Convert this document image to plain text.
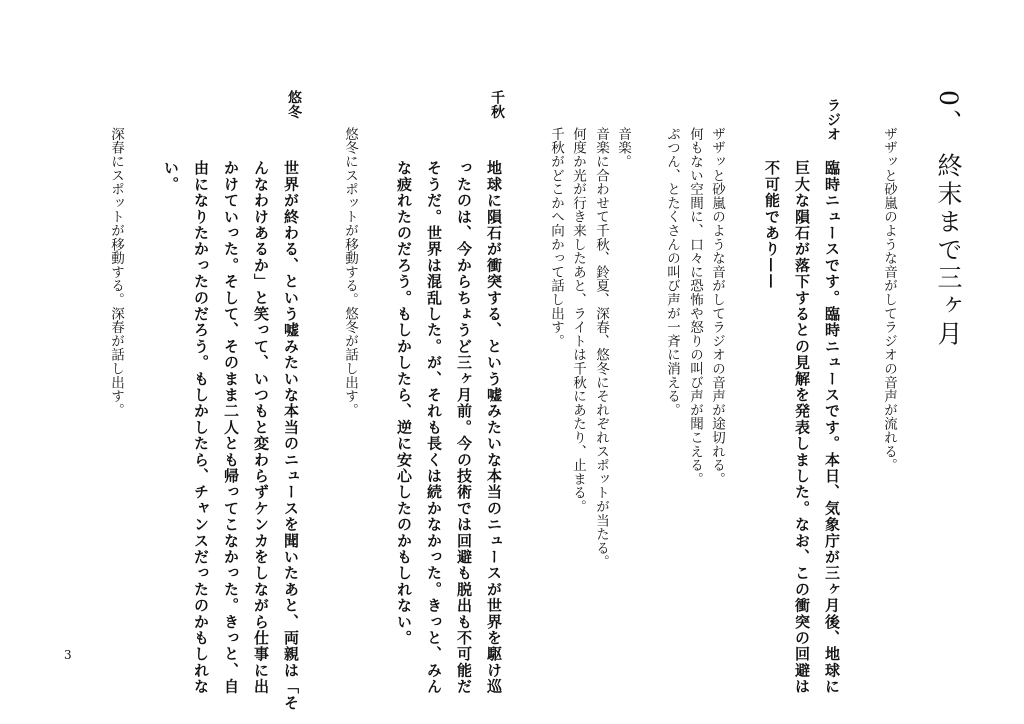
0、　終末まで三ヶ月
ザザッと砂嵐のような音がしてラジオの音声が流れる。
ラジオ
臨時ニュースです。臨時ニュースです。本日、気象庁が三ヶ月後、地球に
巨大な隕石が落下するとの見解を発表しました。なお、この衝突の回避は
不可能であり——
ザザッと砂嵐のような音がしてラジオの音声が途切れる。
何もない空間に、口々に恐怖や怒りの叫び声が聞こえる。
ぷつん、とたくさんの叫び声が一斉に消える。
音楽。
音楽に合わせて千秋、鈴夏、深春、悠冬にそれぞれスポットが当たる。
何度か光が行き来したあと、ライトは千秋にあたり、止まる。
千秋がどこかへ向かって話し出す。
千秋
地球に隕石が衝突する、という嘘みたいな本当のニュースが世界を駆け巡
ったのは、今からちょうど三ヶ月前。今の技術では回避も脱出も不可能だ
そうだ。世界は混乱した。が、それも長くは続かなかった。きっと、みん
な疲れたのだろう。もしかしたら、逆に安心したのかもしれない。
悠冬にスポットが移動する。悠冬が話し出す。
悠冬
世界が終わる、という嘘みたいな本当のニュースを聞いたあと、両親は「そ
んなわけあるか」と笑って、いつもと変わらずケンカをしながら仕事に出
かけていった。そして、そのまま二人とも帰ってこなかった。きっと、自
由になりたかったのだろう。もしかしたら、チャンスだったのかもしれな
い。
深春にスポットが移動する。深春が話し出す。
3
